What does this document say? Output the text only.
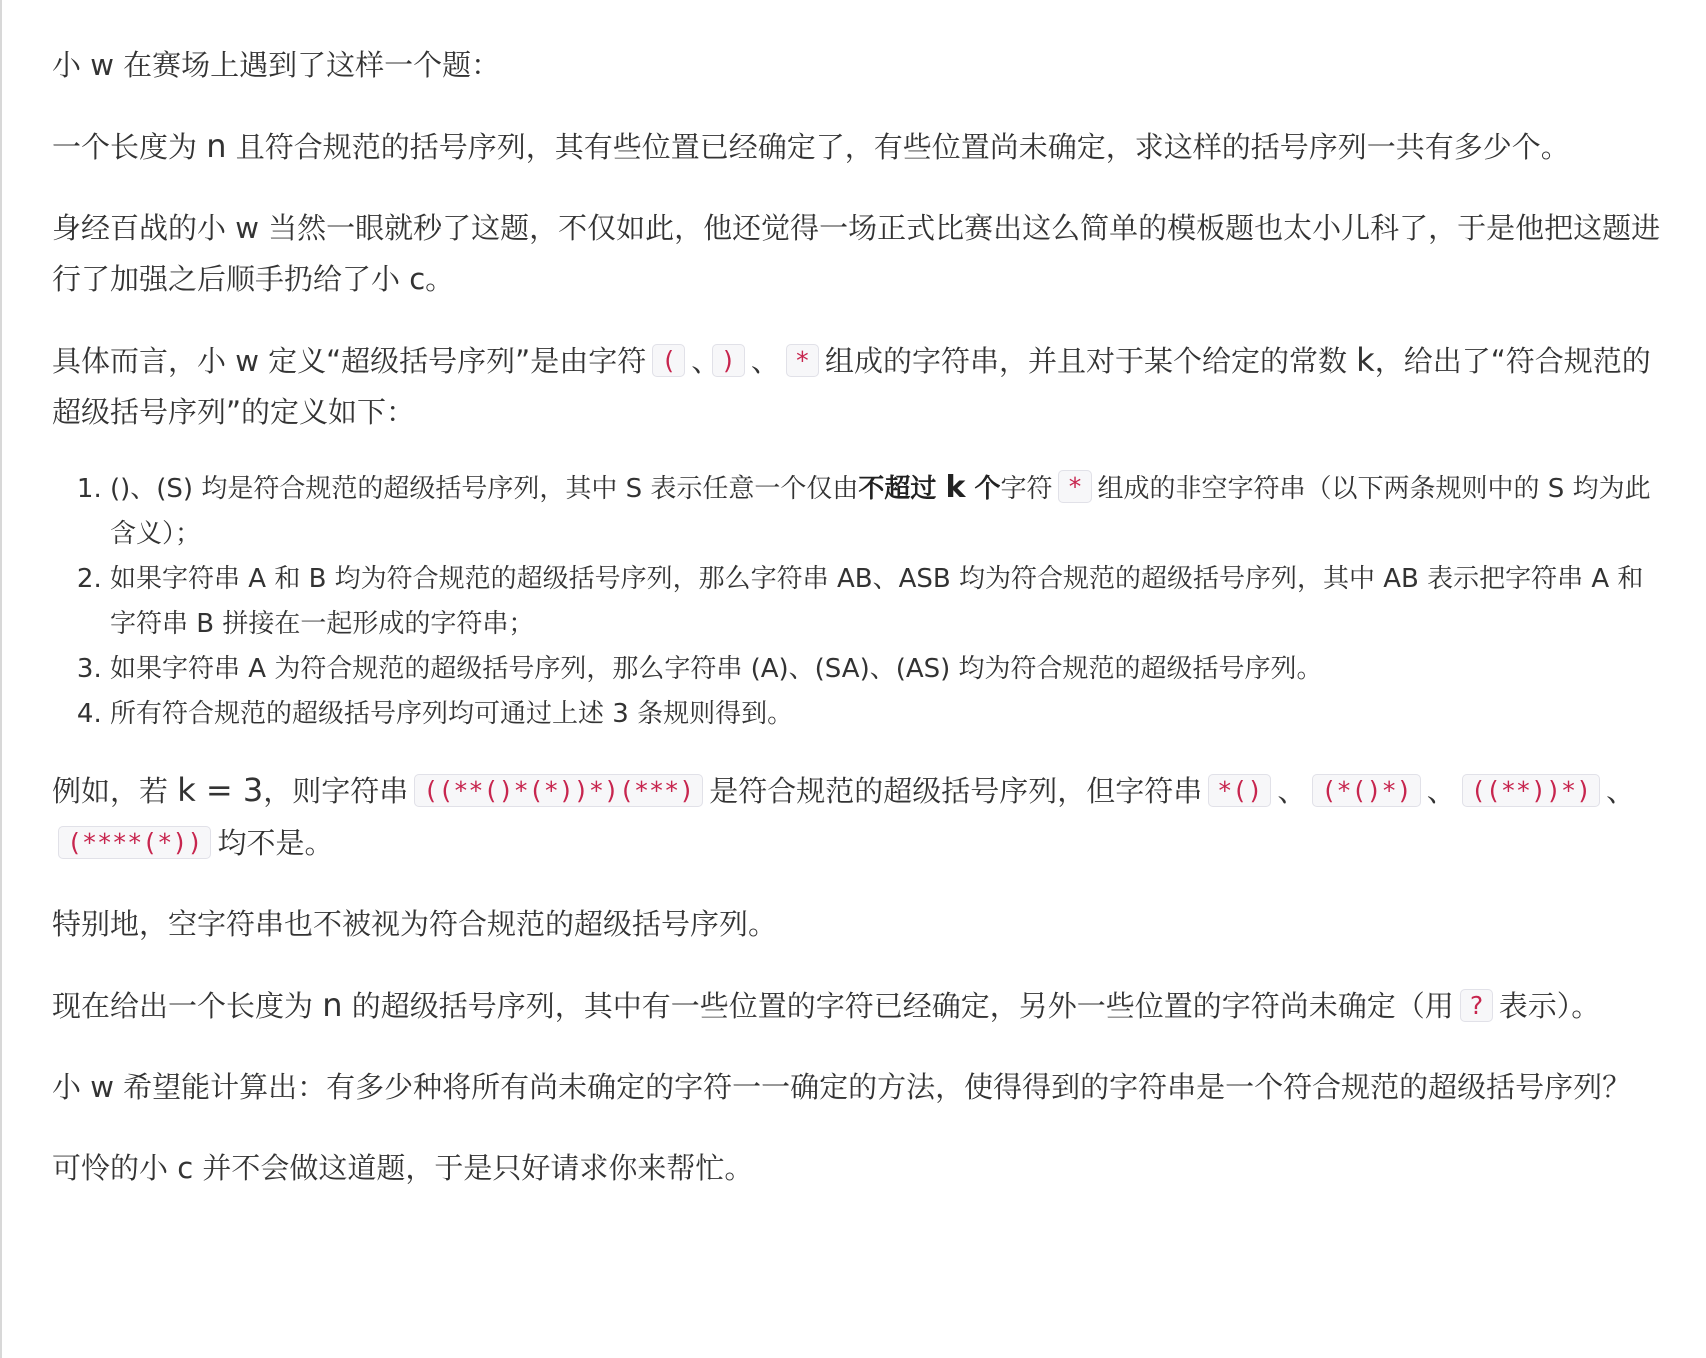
小 w 在赛场上遇到了这样一个题：

一个长度为 n 且符合规范的括号序列，其有些位置已经确定了，有些位置尚未确定，求这样的括号序列一共有多少个。

身经百战的小 w 当然一眼就秒了这题，不仅如此，他还觉得一场正式比赛出这么简单的模板题也太小儿科了，于是他把这题进行了加强之后顺手扔给了小 c。

具体而言，小 w 定义“超级括号序列”是由字符 ( 、 ) 、 * 组成的字符串，并且对于某个给定的常数 k，给出了“符合规范的超级括号序列”的定义如下：

1. ()、(S) 均是符合规范的超级括号序列，其中 S 表示任意一个仅由不超过 k 个字符 * 组成的非空字符串（以下两条规则中的 S 均为此含义）；
2. 如果字符串 A 和 B 均为符合规范的超级括号序列，那么字符串 AB、ASB 均为符合规范的超级括号序列，其中 AB 表示把字符串 A 和字符串 B 拼接在一起形成的字符串；
3. 如果字符串 A 为符合规范的超级括号序列，那么字符串 (A)、(SA)、(AS) 均为符合规范的超级括号序列。
4. 所有符合规范的超级括号序列均可通过上述 3 条规则得到。

例如，若 k = 3，则字符串 ((**()*(*))*)(***) 是符合规范的超级括号序列，但字符串 *() 、 (*()*) 、 ((**))*) 、(****(*)) 均不是。

特别地，空字符串也不被视为符合规范的超级括号序列。

现在给出一个长度为 n 的超级括号序列，其中有一些位置的字符已经确定，另外一些位置的字符尚未确定（用 ? 表示）。

小 w 希望能计算出：有多少种将所有尚未确定的字符一一确定的方法，使得得到的字符串是一个符合规范的超级括号序列？

可怜的小 c 并不会做这道题，于是只好请求你来帮忙。
